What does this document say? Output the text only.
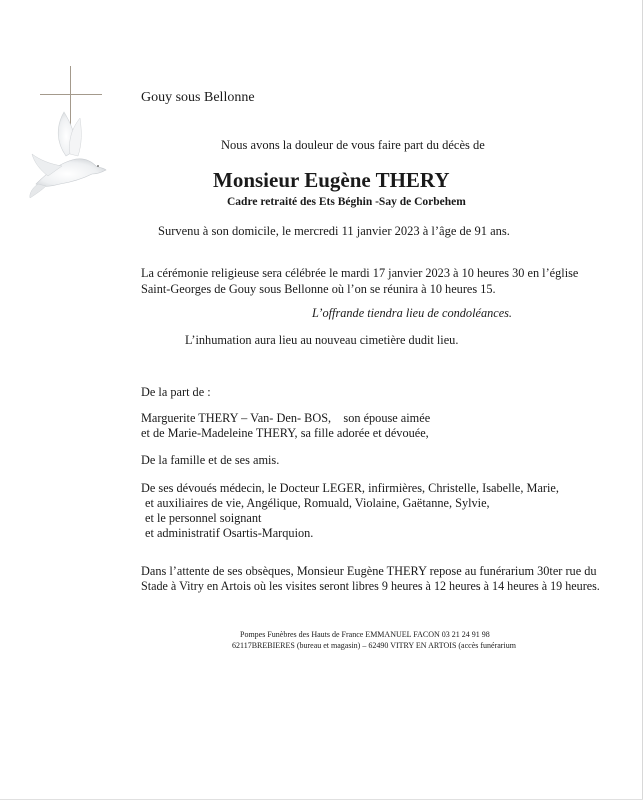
Gouy sous Bellonne
Nous avons la douleur de vous faire part du décès de
Monsieur Eugène THERY
Cadre retraité des Ets Béghin -Say de Corbehem
Survenu à son domicile, le mercredi 11 janvier 2023 à l’âge de 91 ans.
La cérémonie religieuse sera célébrée le mardi 17 janvier 2023 à 10 heures 30 en l’église
Saint-Georges de Gouy sous Bellonne où l’on se réunira à 10 heures 15.
L’offrande tiendra lieu de condoléances.
L’inhumation aura lieu au nouveau cimetière dudit lieu.
De la part de :
Marguerite THERY – Van- Den- BOS,    son épouse aimée
et de Marie-Madeleine THERY, sa fille adorée et dévouée,
De la famille et de ses amis.
De ses dévoués médecin, le Docteur LEGER, infirmières, Christelle, Isabelle, Marie,
et auxiliaires de vie, Angélique, Romuald, Violaine, Gaëtanne, Sylvie,
et le personnel soignant
et administratif Osartis-Marquion.
Dans l’attente de ses obsèques, Monsieur Eugène THERY repose au funérarium 30ter rue du
Stade à Vitry en Artois où les visites seront libres 9 heures à 12 heures à 14 heures à 19 heures.
Pompes Funèbres des Hauts de France EMMANUEL FACON 03 21 24 91 98
62117BREBIERES (bureau et magasin) – 62490 VITRY EN ARTOIS (accès funérarium
